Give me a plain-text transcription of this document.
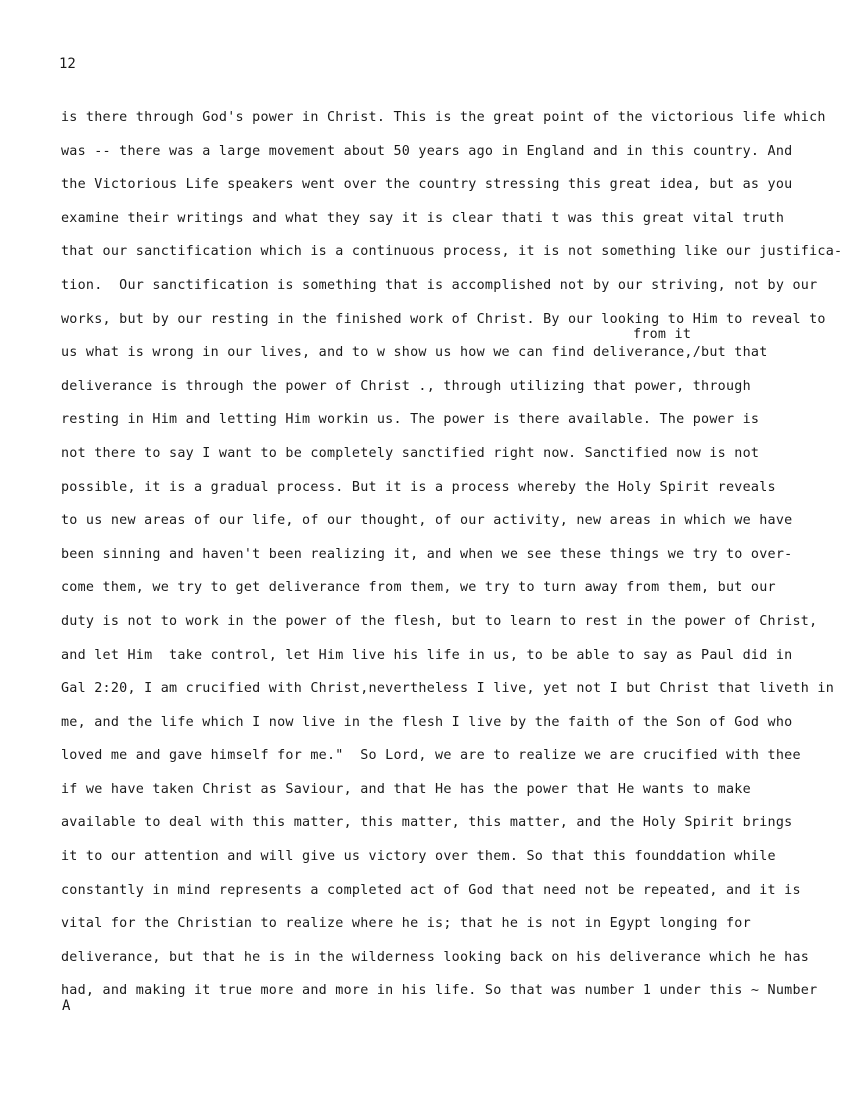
12
from it
is there through God's power in Christ. This is the great point of the victorious life which
was -- there was a large movement about 50 years ago in England and in this country. And
the Victorious Life speakers went over the country stressing this great idea, but as you
examine their writings and what they say it is clear thati t was this great vital truth
that our sanctification which is a continuous process, it is not something like our justifica-
tion.  Our sanctification is something that is accomplished not by our striving, not by our
works, but by our resting in the finished work of Christ. By our looking to Him to reveal to
us what is wrong in our lives, and to w show us how we can find deliverance,/but that
deliverance is through the power of Christ ., through utilizing that power, through
resting in Him and letting Him workin us. The power is there available. The power is
not there to say I want to be completely sanctified right now. Sanctified now is not
possible, it is a gradual process. But it is a process whereby the Holy Spirit reveals
to us new areas of our life, of our thought, of our activity, new areas in which we have
been sinning and haven't been realizing it, and when we see these things we try to over-
come them, we try to get deliverance from them, we try to turn away from them, but our
duty is not to work in the power of the flesh, but to learn to rest in the power of Christ,
and let Him  take control, let Him live his life in us, to be able to say as Paul did in
Gal 2:20, I am crucified with Christ,nevertheless I live, yet not I but Christ that liveth in
me, and the life which I now live in the flesh I live by the faith of the Son of God who
loved me and gave himself for me."  So Lord, we are to realize we are crucified with thee
if we have taken Christ as Saviour, and that He has the power that He wants to make
available to deal with this matter, this matter, this matter, and the Holy Spirit brings
it to our attention and will give us victory over them. So that this founddation while
constantly in mind represents a completed act of God that need not be repeated, and it is
vital for the Christian to realize where he is; that he is not in Egypt longing for
deliverance, but that he is in the wilderness looking back on his deliverance which he has
had, and making it true more and more in his life. So that was number 1 under this ~ Number
A
